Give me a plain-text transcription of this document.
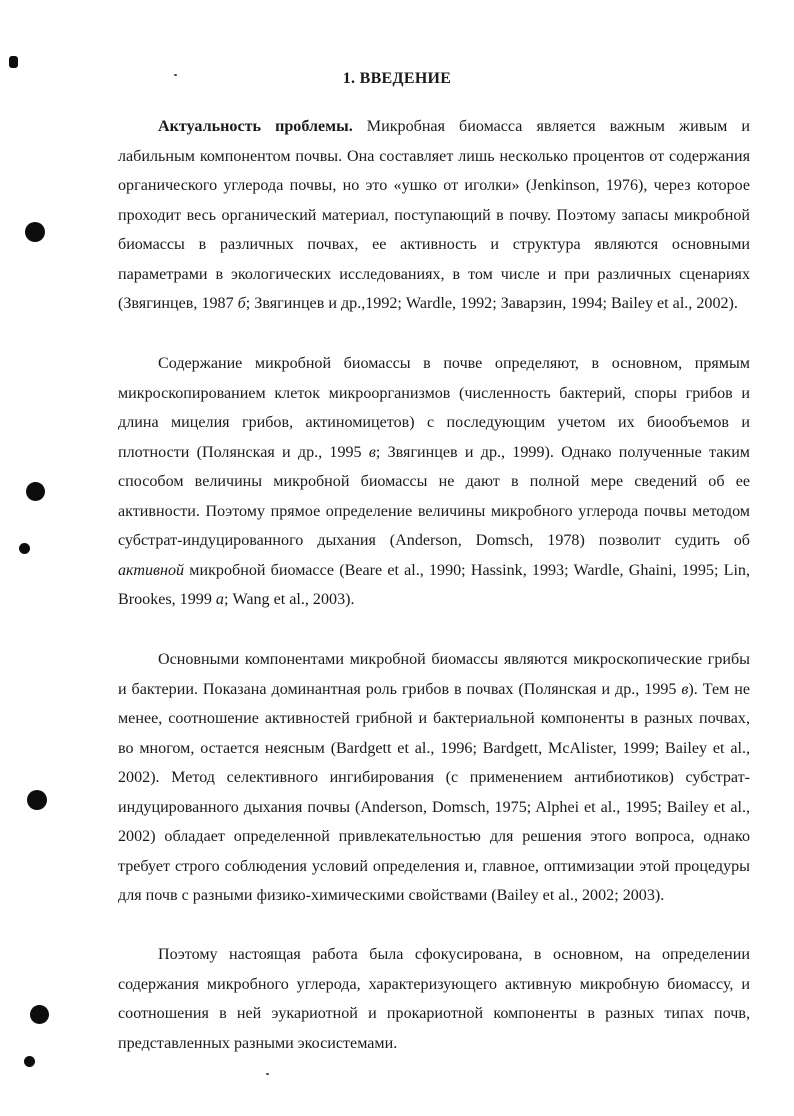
1. ВВЕДЕНИЕ

Актуальность проблемы. Микробная биомасса является важным живым и лабильным компонентом почвы. Она составляет лишь несколько процентов от содержания органического углерода почвы, но это «ушко от иголки» (Jenkinson, 1976), через которое проходит весь органический материал, поступающий в почву. Поэтому запасы микробной биомассы в различных почвах, ее активность и структура являются основными параметрами в экологических исследованиях, в том числе и при различных сценариях (Звягинцев, 1987 б; Звягинцев и др.,1992; Wardle, 1992; Заварзин, 1994; Bailey et al., 2002).

Содержание микробной биомассы в почве определяют, в основном, прямым микроскопированием клеток микроорганизмов (численность бактерий, споры грибов и длина мицелия грибов, актиномицетов) с последующим учетом их биообъемов и плотности (Полянская и др., 1995 в; Звягинцев и др., 1999). Однако полученные таким способом величины микробной биомассы не дают в полной мере сведений об ее активности. Поэтому прямое определение величины микробного углерода почвы методом субстрат-индуцированного дыхания (Anderson, Domsch, 1978) позволит судить об активной микробной биомассе (Beare et al., 1990; Hassink, 1993; Wardle, Ghaini, 1995; Lin, Brookes, 1999 а; Wang et al., 2003).

Основными компонентами микробной биомассы являются микроскопические грибы и бактерии. Показана доминантная роль грибов в почвах (Полянская и др., 1995 в). Тем не менее, соотношение активностей грибной и бактериальной компоненты в разных почвах, во многом, остается неясным (Bardgett et al., 1996; Bardgett, McAlister, 1999; Bailey et al., 2002). Метод селективного ингибирования (с применением антибиотиков) субстрат-индуцированного дыхания почвы (Anderson, Domsch, 1975; Alphei et al., 1995; Bailey et al., 2002) обладает определенной привлекательностью для решения этого вопроса, однако требует строго соблюдения условий определения и, главное, оптимизации этой процедуры для почв с разными физико-химическими свойствами (Bailey et al., 2002; 2003).

Поэтому настоящая работа была сфокусирована, в основном, на определении содержания микробного углерода, характеризующего активную микробную биомассу, и соотношения в ней эукариотной и прокариотной компоненты в разных типах почв, представленных разными экосистемами.
